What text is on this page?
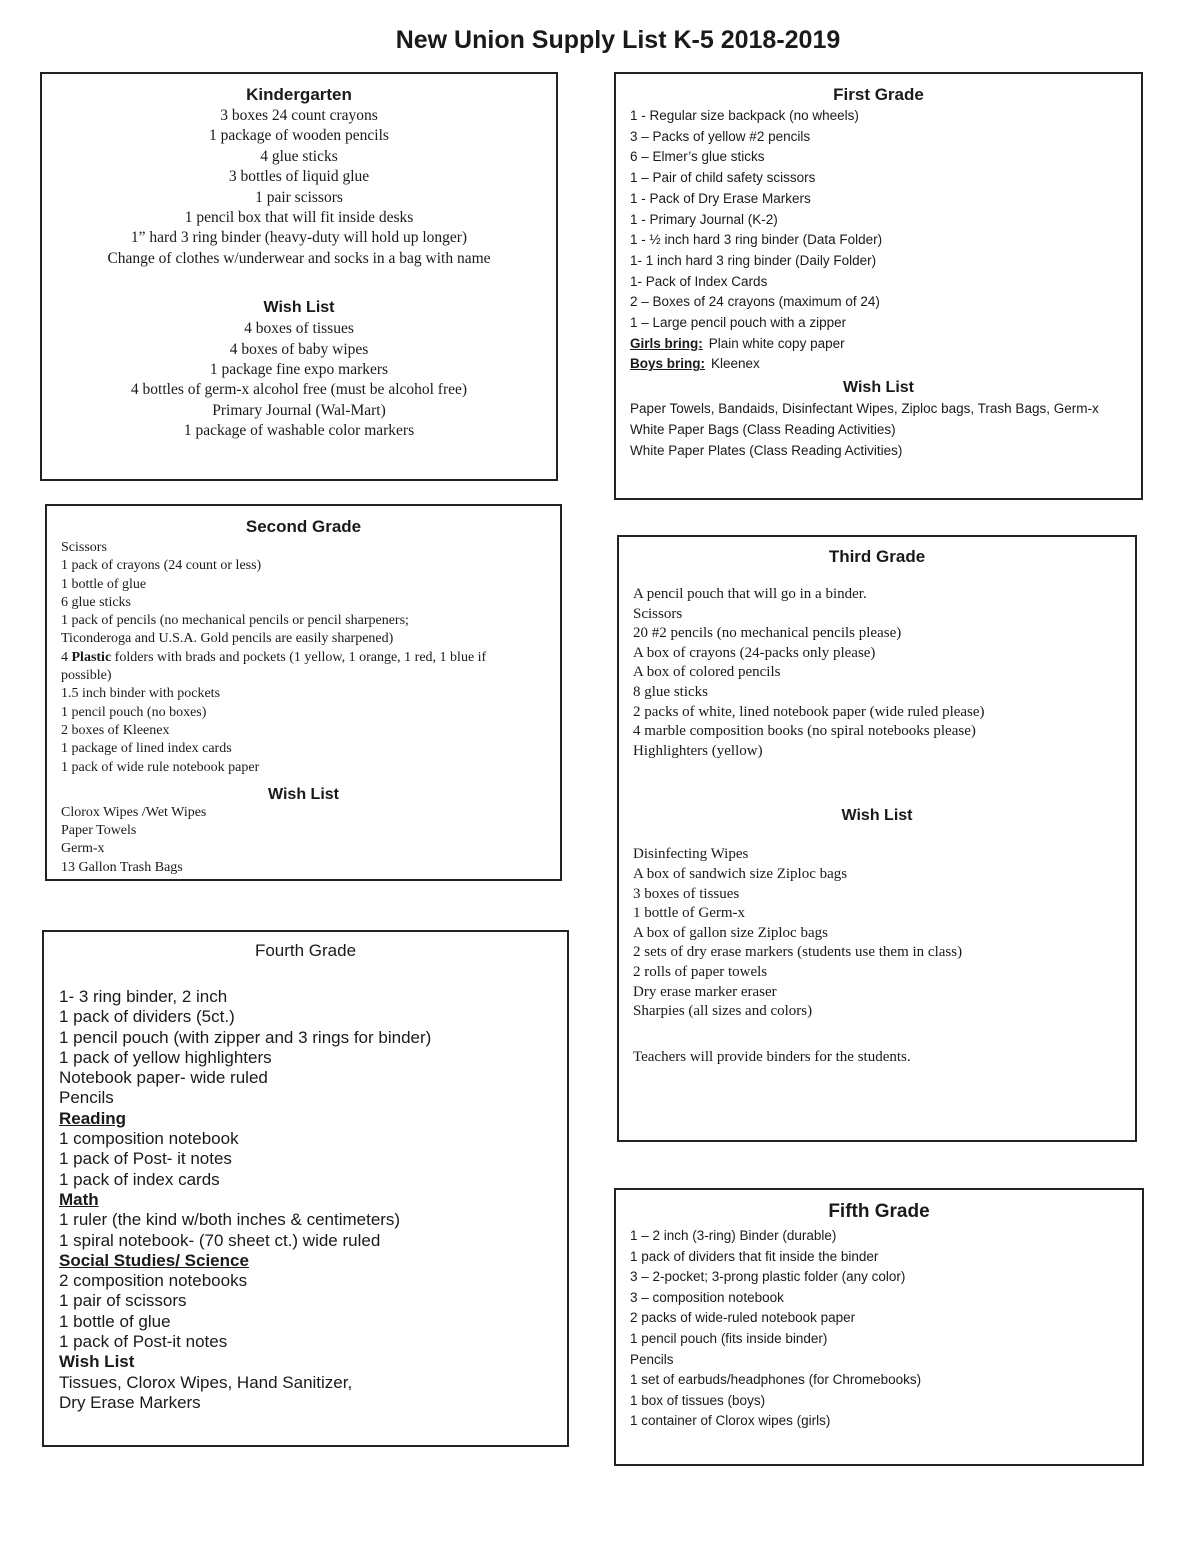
New Union Supply List K-5 2018-2019
Kindergarten
3 boxes 24 count crayons
1 package of wooden pencils
4 glue sticks
3 bottles of liquid glue
1 pair scissors
1 pencil box that will fit inside desks
1” hard 3 ring binder (heavy-duty will hold up longer)
Change of clothes w/underwear and socks in a bag with name
Wish List
4 boxes of tissues
4 boxes of baby wipes
1 package fine expo markers
4 bottles of germ-x alcohol free (must be alcohol free)
Primary Journal (Wal-Mart)
1 package of washable color markers
First Grade
1 - Regular size backpack (no wheels)
3 – Packs of yellow #2 pencils
6 – Elmer’s glue sticks
1 – Pair of child safety scissors
1 - Pack of Dry Erase Markers
1 - Primary Journal (K-2)
1 - ½ inch hard 3 ring binder (Data Folder)
1- 1 inch hard 3 ring binder (Daily Folder)
1- Pack of Index Cards
2 – Boxes of 24 crayons (maximum of 24)
1 – Large pencil pouch with a zipper
Girls bring: Plain white copy paper
Boys bring: Kleenex
Wish List
Paper Towels, Bandaids, Disinfectant Wipes, Ziploc bags, Trash Bags, Germ-x
White Paper Bags (Class Reading Activities)
White Paper Plates (Class Reading Activities)
Second Grade
Scissors
1 pack of crayons (24 count or less)
1 bottle of glue
6 glue sticks
1 pack of pencils (no mechanical pencils or pencil sharpeners;
Ticonderoga and U.S.A. Gold pencils are easily sharpened)
4 Plastic folders with brads and pockets (1 yellow, 1 orange, 1 red, 1 blue if possible)
1.5 inch binder with pockets
1 pencil pouch (no boxes)
2 boxes of Kleenex
1 package of lined index cards
1 pack of wide rule notebook paper
Wish List
Clorox Wipes /Wet Wipes
Paper Towels
Germ-x
13 Gallon Trash Bags
Third Grade
A pencil pouch that will go in a binder.
Scissors
20 #2 pencils (no mechanical pencils please)
A box of crayons (24-packs only please)
A box of colored pencils
8 glue sticks
2 packs of white, lined notebook paper (wide ruled please)
4 marble composition books (no spiral notebooks please)
Highlighters (yellow)
Wish List
Disinfecting Wipes
A box of sandwich size Ziploc bags
3 boxes of tissues
1 bottle of Germ-x
A box of gallon size Ziploc bags
2 sets of dry erase markers (students use them in class)
2 rolls of paper towels
Dry erase marker eraser
Sharpies (all sizes and colors)

Teachers will provide binders for the students.

Fourth Grade
1- 3 ring binder, 2 inch
1 pack of dividers (5ct.)
1 pencil pouch (with zipper and 3 rings for binder)
1 pack of yellow highlighters
Notebook paper- wide ruled
Pencils
Reading
1 composition notebook
1 pack of Post- it notes
1 pack of index cards
Math
1 ruler (the kind w/both inches & centimeters)
1 spiral notebook- (70 sheet ct.) wide ruled
Social Studies/ Science
2 composition notebooks
1 pair of scissors
1 bottle of glue
1 pack of Post-it notes
Wish List
Tissues, Clorox Wipes, Hand Sanitizer,
Dry Erase Markers
Fifth Grade
1 – 2 inch (3-ring) Binder (durable)
1 pack of dividers that fit inside the binder
3 – 2-pocket; 3-prong plastic folder (any color)
3 – composition notebook
2 packs of wide-ruled notebook paper
1 pencil pouch (fits inside binder)
Pencils
1 set of earbuds/headphones (for Chromebooks)
1 box of tissues (boys)
1 container of Clorox wipes (girls)
